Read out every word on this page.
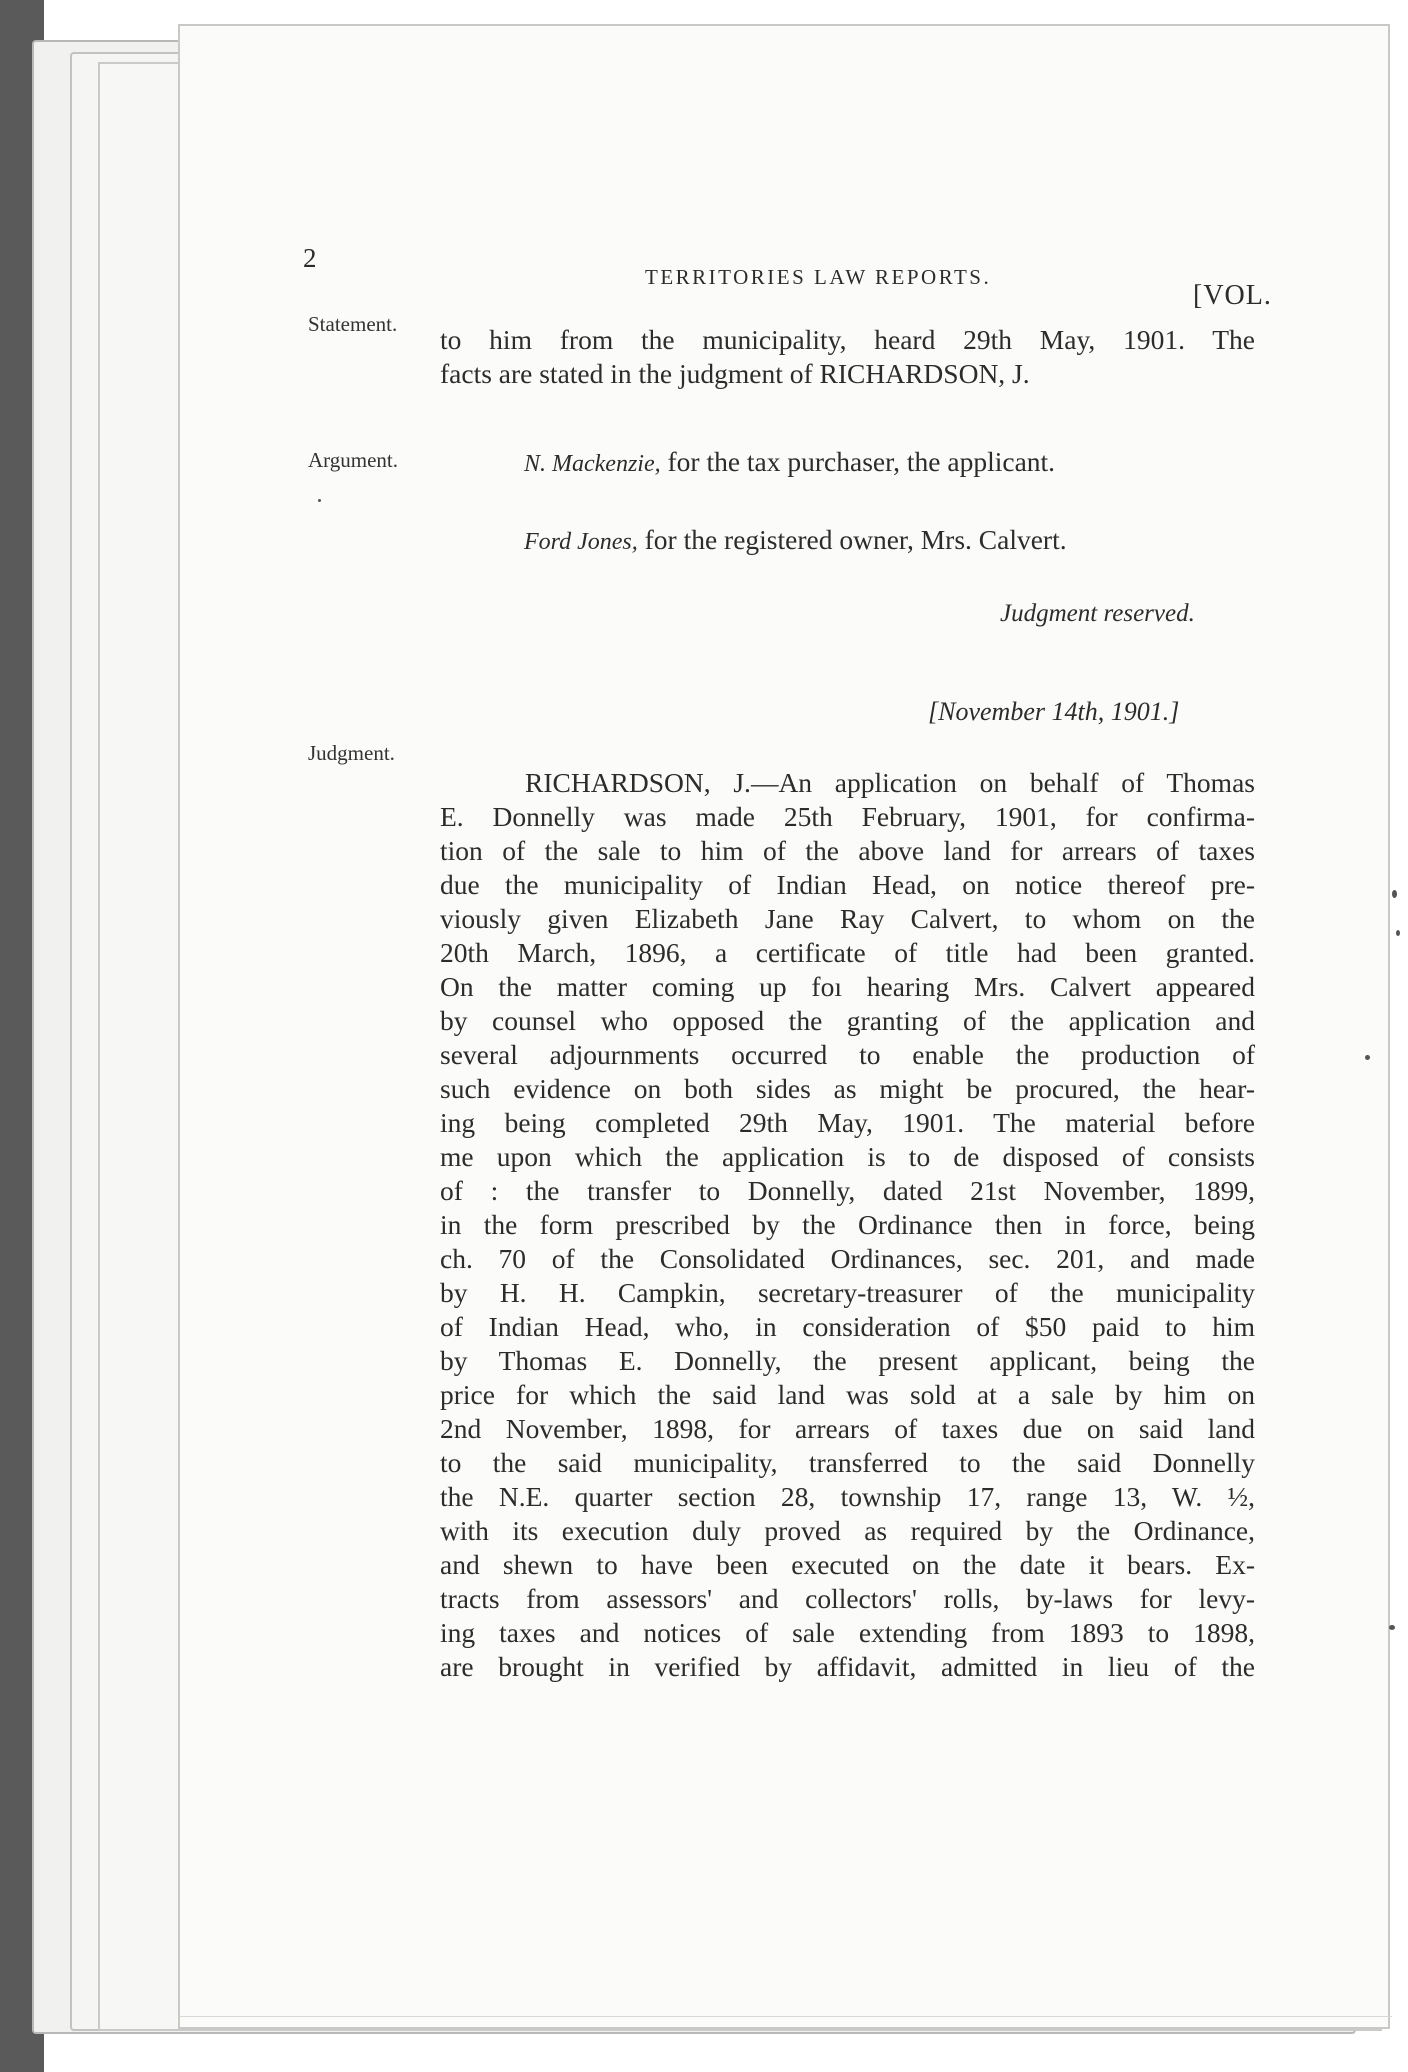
2
TERRITORIES LAW REPORTS.
[VOL.
Statement.
Argument.
Judgment.
to him from the municipality, heard 29th May, 1901. The
facts are stated in the judgment of RICHARDSON, J.
N. Mackenzie, for the tax purchaser, the applicant.
Ford Jones, for the registered owner, Mrs. Calvert.
Judgment reserved.
[November 14th, 1901.]
RICHARDSON, J.—An application on behalf of Thomas
E. Donnelly was made 25th February, 1901, for confirma-
tion of the sale to him of the above land for arrears of taxes
due the municipality of Indian Head, on notice thereof pre-
viously given Elizabeth Jane Ray Calvert, to whom on the
20th March, 1896, a certificate of title had been granted.
On the matter coming up foı hearing Mrs. Calvert appeared
by counsel who opposed the granting of the application and
several adjournments occurred to enable the production of
such evidence on both sides as might be procured, the hear-
ing being completed 29th May, 1901. The material before
me upon which the application is to de disposed of consists
of : the transfer to Donnelly, dated 21st November, 1899,
in the form prescribed by the Ordinance then in force, being
ch. 70 of the Consolidated Ordinances, sec. 201, and made
by H. H. Campkin, secretary-treasurer of the municipality
of Indian Head, who, in consideration of $50 paid to him
by Thomas E. Donnelly, the present applicant, being the
price for which the said land was sold at a sale by him on
2nd November, 1898, for arrears of taxes due on said land
to the said municipality, transferred to the said Donnelly
the N.E. quarter section 28, township 17, range 13, W. ½,
with its execution duly proved as required by the Ordinance,
and shewn to have been executed on the date it bears. Ex-
tracts from assessors' and collectors' rolls, by-laws for levy-
ing taxes and notices of sale extending from 1893 to 1898,
are brought in verified by affidavit, admitted in lieu of the
